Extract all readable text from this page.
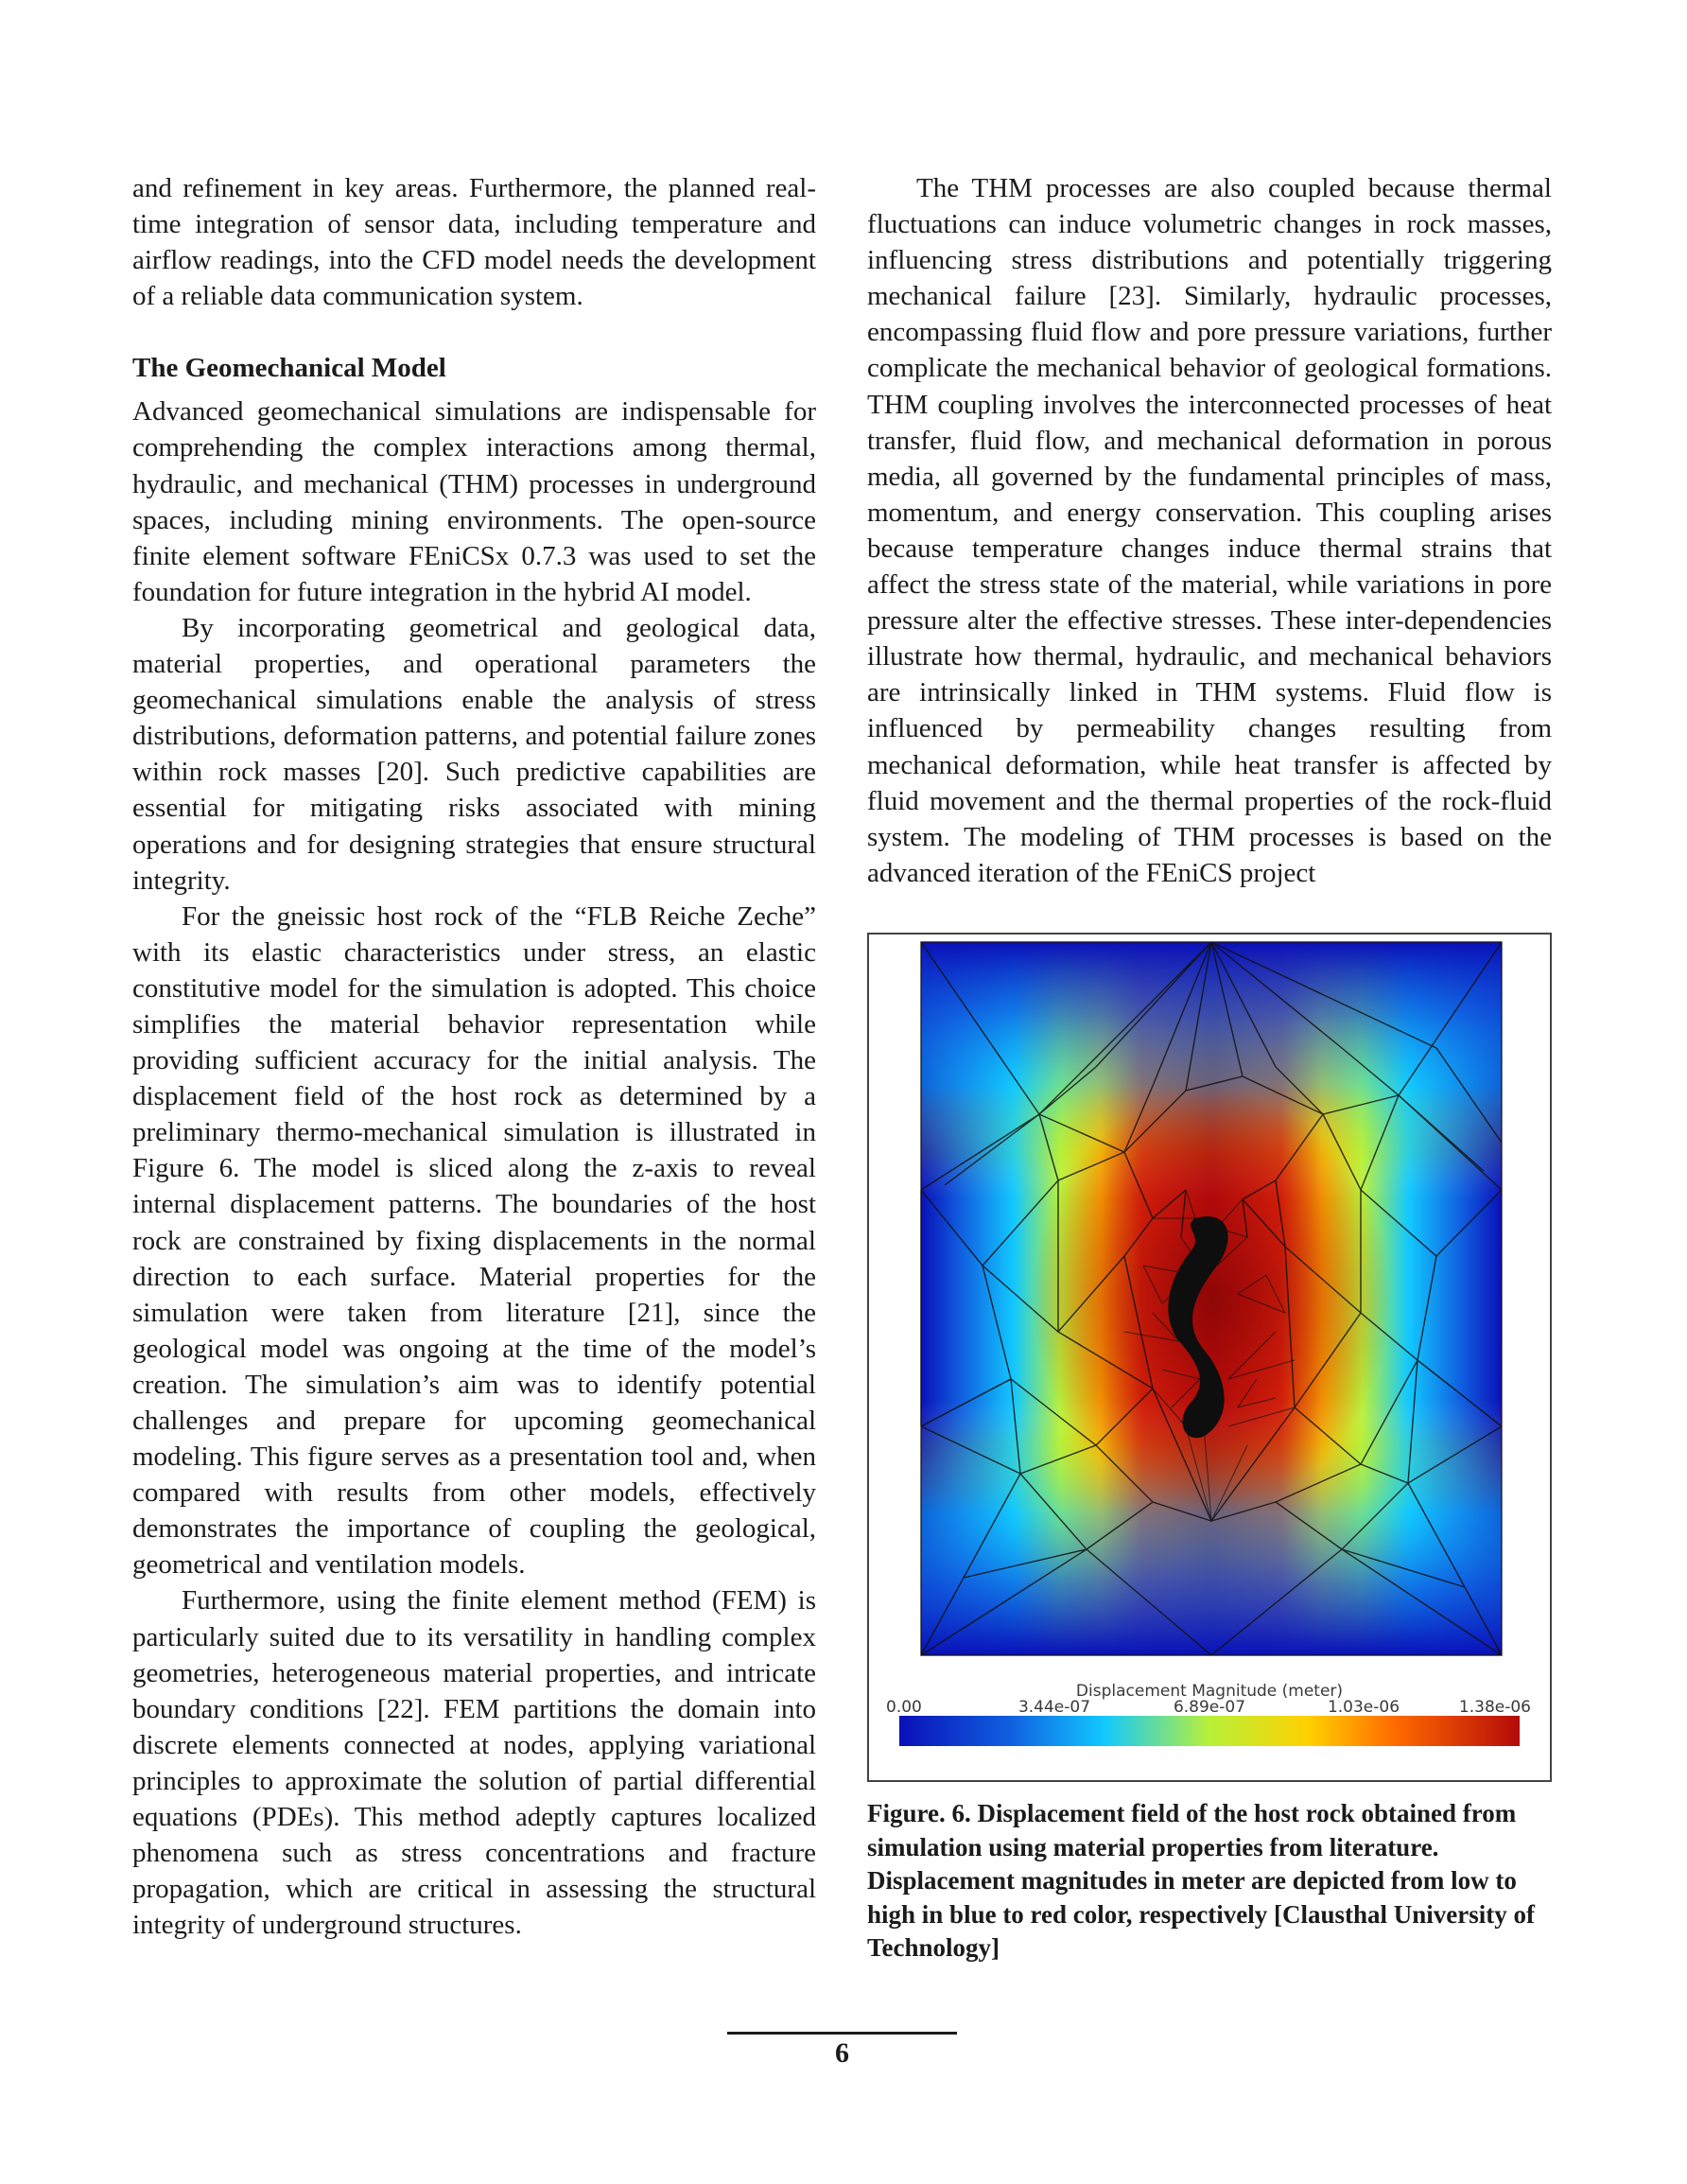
and refinement in key areas. Furthermore, the planned real-time integration of sensor data, including temperature and airflow readings, into the CFD model needs the development of a reliable data communication system.

The Geomechanical Model

Advanced geomechanical simulations are indispensable for comprehending the complex interactions among thermal, hydraulic, and mechanical (THM) processes in underground spaces, including mining environments. The open-source finite element software FEniCSx 0.7.3 was used to set the foundation for future integration in the hybrid AI model.

By incorporating geometrical and geological data, material properties, and operational parameters the geomechanical simulations enable the analysis of stress distributions, deformation patterns, and potential failure zones within rock masses [20]. Such predictive capabilities are essential for mitigating risks associated with mining operations and for designing strategies that ensure structural integrity.

For the gneissic host rock of the “FLB Reiche Zeche” with its elastic characteristics under stress, an elastic constitutive model for the simulation is adopted. This choice simplifies the material behavior representation while providing sufficient accuracy for the initial analysis. The displacement field of the host rock as determined by a preliminary thermo-mechanical simulation is illustrated in Figure 6. The model is sliced along the z-axis to reveal internal displacement patterns. The boundaries of the host rock are constrained by fixing displacements in the normal direction to each surface. Material properties for the simulation were taken from literature [21], since the geological model was ongoing at the time of the model’s creation. The simulation’s aim was to identify potential challenges and prepare for upcoming geomechanical modeling. This figure serves as a presentation tool and, when compared with results from other models, effectively demonstrates the importance of coupling the geological, geometrical and ventilation models.

Furthermore, using the finite element method (FEM) is particularly suited due to its versatility in handling complex geometries, heterogeneous material properties, and intricate boundary conditions [22]. FEM partitions the domain into discrete elements connected at nodes, applying variational principles to approximate the solution of partial differential equations (PDEs). This method adeptly captures localized phenomena such as stress concentrations and fracture propagation, which are critical in assessing the structural integrity of underground structures.

The THM processes are also coupled because thermal fluctuations can induce volumetric changes in rock masses, influencing stress distributions and potentially triggering mechanical failure [23]. Similarly, hydraulic processes, encompassing fluid flow and pore pressure variations, further complicate the mechanical behavior of geological formations. THM coupling involves the interconnected processes of heat transfer, fluid flow, and mechanical deformation in porous media, all governed by the fundamental principles of mass, momentum, and energy conservation. This coupling arises because temperature changes induce thermal strains that affect the stress state of the material, while variations in pore pressure alter the effective stresses. These inter-dependencies illustrate how thermal, hydraulic, and mechanical behaviors are intrinsically linked in THM systems. Fluid flow is influenced by permeability changes resulting from mechanical deformation, while heat transfer is affected by fluid movement and the thermal properties of the rock-fluid system. The modeling of THM processes is based on the advanced iteration of the FEniCS project

Displacement Magnitude (meter)
0.00	3.44e-07	6.89e-07	1.03e-06	1.38e-06
Figure. 6. Displacement field of the host rock obtained from simulation using material properties from literature. Displacement magnitudes in meter are depicted from low to high in blue to red color, respectively [Clausthal University of Technology]
6
